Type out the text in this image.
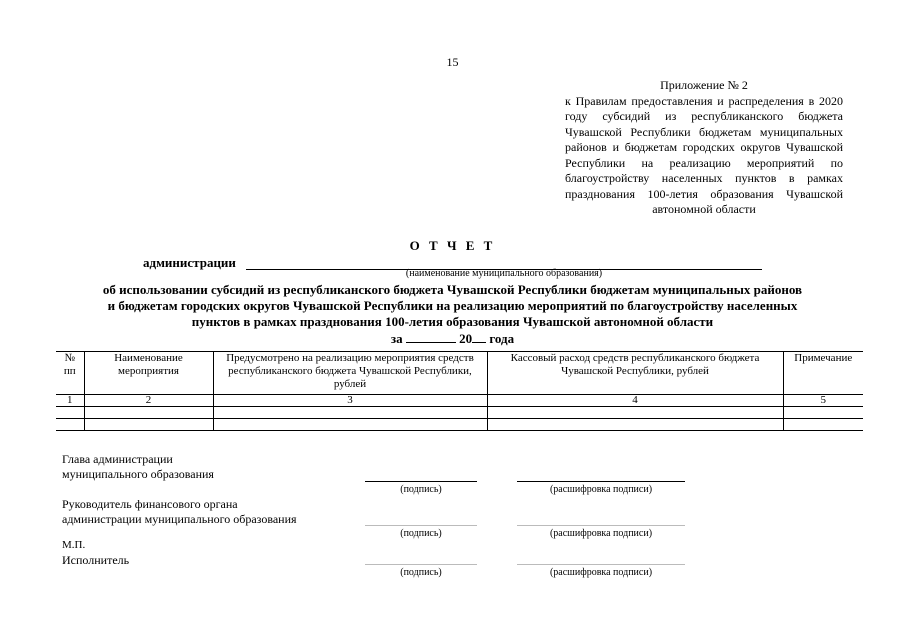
15
Приложение № 2
к Правилам предоставления и распределения в 2020 году субсидий из республиканского бюджета Чувашской Республики бюджетам муниципальных районов и бюджетам городских округов Чувашской Республики на реализацию мероприятий по благоустройству населенных пунктов в рамках празднования 100-летия образования Чувашской автономной области
О Т Ч Е Т
администрации
(наименование муниципального образования)
об использовании субсидий из республиканского бюджета Чувашской Республики бюджетам муниципальных районов
и бюджетам городских округов Чувашской Республики на реализацию мероприятий по благоустройству населенных
пунктов в рамках празднования 100-летия образования Чувашской автономной области
за	20 года
№ пп	Наименование мероприятия	Предусмотрено на реализацию мероприятия средств республиканского бюджета Чувашской Республики, рублей	Кассовый расход средств республиканского бюджета Чувашской Республики, рублей	Примечание
1	2	3	4	5

Глава администрации
муниципального образования
(подпись)	(расшифровка подписи)
Руководитель финансового органа
администрации муниципального образования
(подпись)	(расшифровка подписи)
М.П.
Исполнитель
(подпись)	(расшифровка подписи)
